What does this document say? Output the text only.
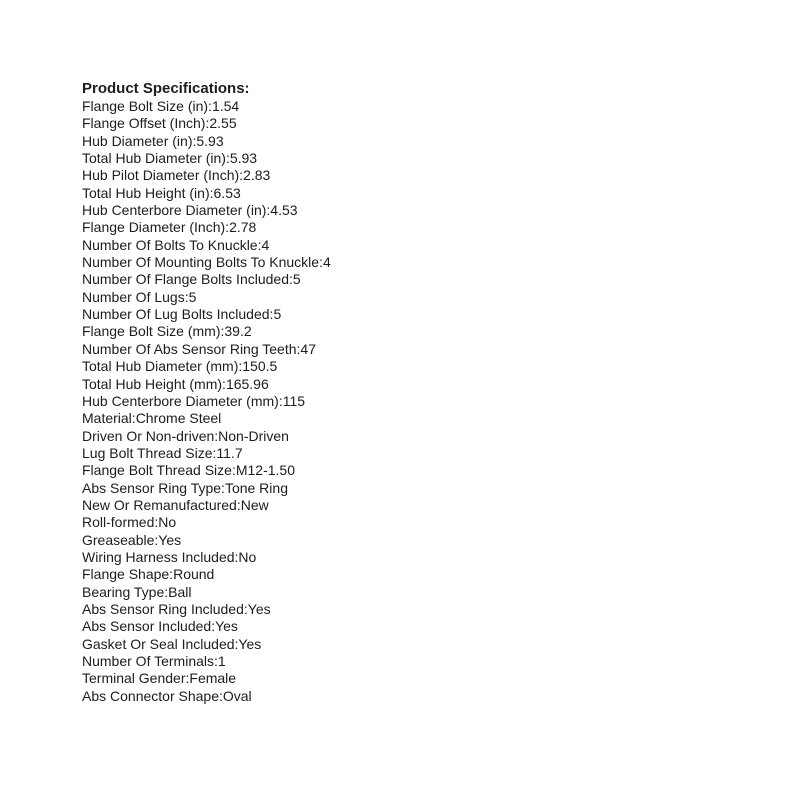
Product Specifications:
Flange Bolt Size (in):1.54
Flange Offset (Inch):2.55
Hub Diameter (in):5.93
Total Hub Diameter (in):5.93
Hub Pilot Diameter (Inch):2.83
Total Hub Height (in):6.53
Hub Centerbore Diameter (in):4.53
Flange Diameter (Inch):2.78
Number Of Bolts To Knuckle:4
Number Of Mounting Bolts To Knuckle:4
Number Of Flange Bolts Included:5
Number Of Lugs:5
Number Of Lug Bolts Included:5
Flange Bolt Size (mm):39.2
Number Of Abs Sensor Ring Teeth:47
Total Hub Diameter (mm):150.5
Total Hub Height (mm):165.96
Hub Centerbore Diameter (mm):115
Material:Chrome Steel
Driven Or Non-driven:Non-Driven
Lug Bolt Thread Size:11.7
Flange Bolt Thread Size:M12-1.50
Abs Sensor Ring Type:Tone Ring
New Or Remanufactured:New
Roll-formed:No
Greaseable:Yes
Wiring Harness Included:No
Flange Shape:Round
Bearing Type:Ball
Abs Sensor Ring Included:Yes
Abs Sensor Included:Yes
Gasket Or Seal Included:Yes
Number Of Terminals:1
Terminal Gender:Female
Abs Connector Shape:Oval
